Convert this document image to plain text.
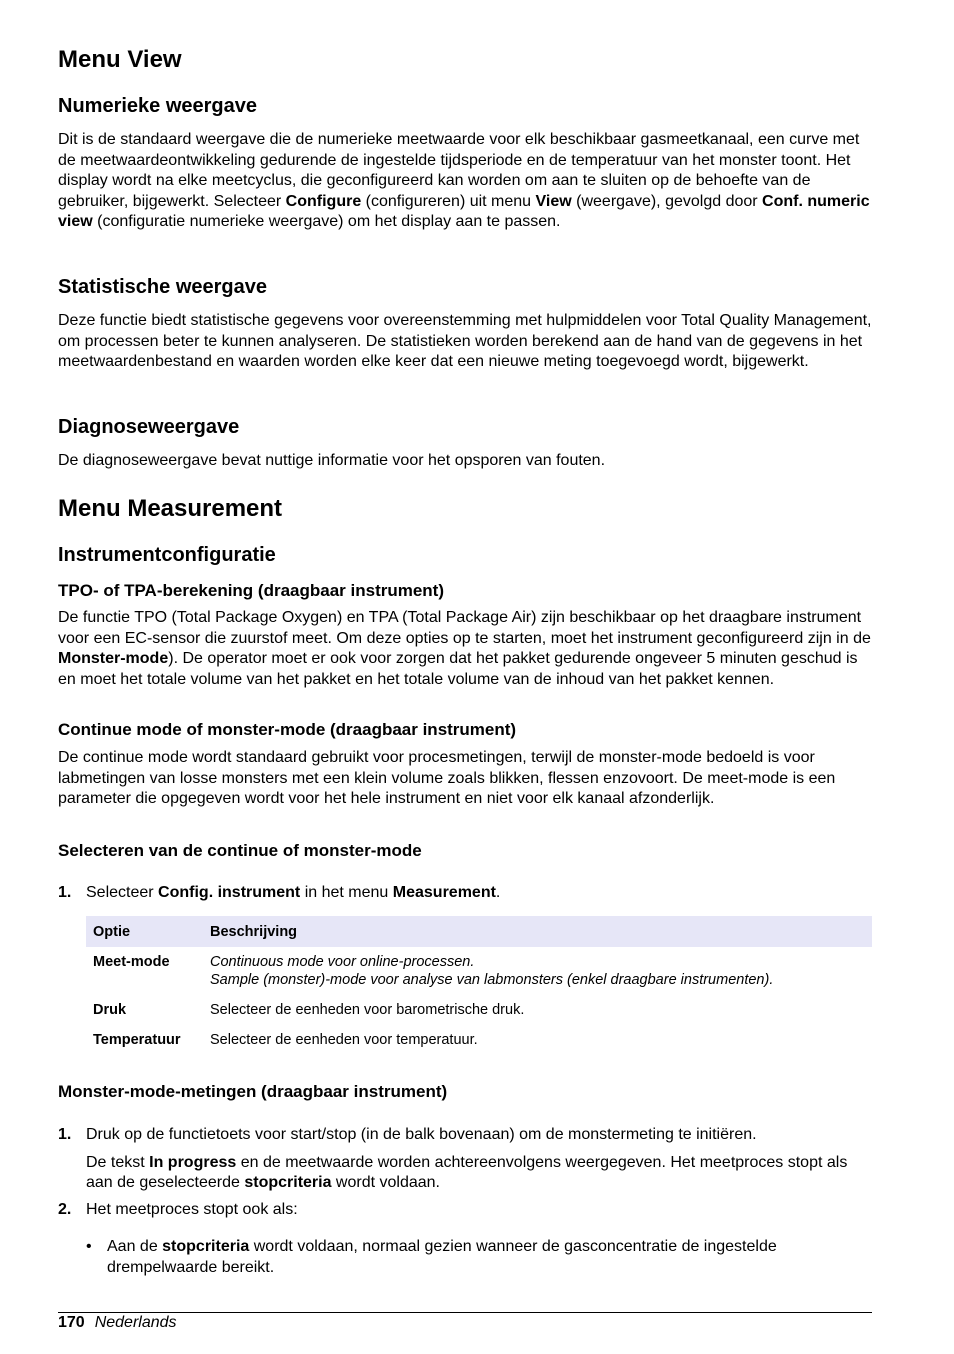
Menu View
Numerieke weergave

Dit is de standaard weergave die de numerieke meetwaarde voor elk beschikbaar gasmeetkanaal, een curve met de meetwaardeontwikkeling gedurende de ingestelde tijdsperiode en de temperatuur van het monster toont. Het display wordt na elke meetcyclus, die geconfigureerd kan worden om aan te sluiten op de behoefte van de gebruiker, bijgewerkt. Selecteer Configure (configureren) uit menu View (weergave), gevolgd door Conf. numeric view (configuratie numerieke weergave) om het display aan te passen.

Statistische weergave

Deze functie biedt statistische gegevens voor overeenstemming met hulpmiddelen voor Total Quality Management, om processen beter te kunnen analyseren. De statistieken worden berekend aan de hand van de gegevens in het meetwaardenbestand en waarden worden elke keer dat een nieuwe meting toegevoegd wordt, bijgewerkt.

Diagnoseweergave

De diagnoseweergave bevat nuttige informatie voor het opsporen van fouten.

Menu Measurement
Instrumentconfiguratie
TPO- of TPA-berekening (draagbaar instrument)

De functie TPO (Total Package Oxygen) en TPA (Total Package Air) zijn beschikbaar op het draagbare instrument voor een EC-sensor die zuurstof meet. Om deze opties op te starten, moet het instrument geconfigureerd zijn in de Monster-mode). De operator moet er ook voor zorgen dat het pakket gedurende ongeveer 5 minuten geschud is en moet het totale volume van het pakket en het totale volume van de inhoud van het pakket kennen.

Continue mode of monster-mode (draagbaar instrument)

De continue mode wordt standaard gebruikt voor procesmetingen, terwijl de monster-mode bedoeld is voor labmetingen van losse monsters met een klein volume zoals blikken, flessen enzovoort. De meet-mode is een parameter die opgegeven wordt voor het hele instrument en niet voor elk kanaal afzonderlijk.

Selecteren van de continue of monster-mode
1. Selecteer Config. instrument in het menu Measurement.
Optie	Beschrijving
Meet-mode	Continuous mode voor online-processen.
Sample (monster)-mode voor analyse van labmonsters (enkel draagbare instrumenten).
Druk	Selecteer de eenheden voor barometrische druk.
Temperatuur	Selecteer de eenheden voor temperatuur.
Monster-mode-metingen (draagbaar instrument)
1. Druk op de functietoets voor start/stop (in de balk bovenaan) om de monstermeting te initiëren.
De tekst In progress en de meetwaarde worden achtereenvolgens weergegeven. Het meetproces stopt als aan de geselecteerde stopcriteria wordt voldaan.
2. Het meetproces stopt ook als:
• Aan de stopcriteria wordt voldaan, normaal gezien wanneer de gasconcentratie de ingestelde drempelwaarde bereikt.
170 Nederlands
